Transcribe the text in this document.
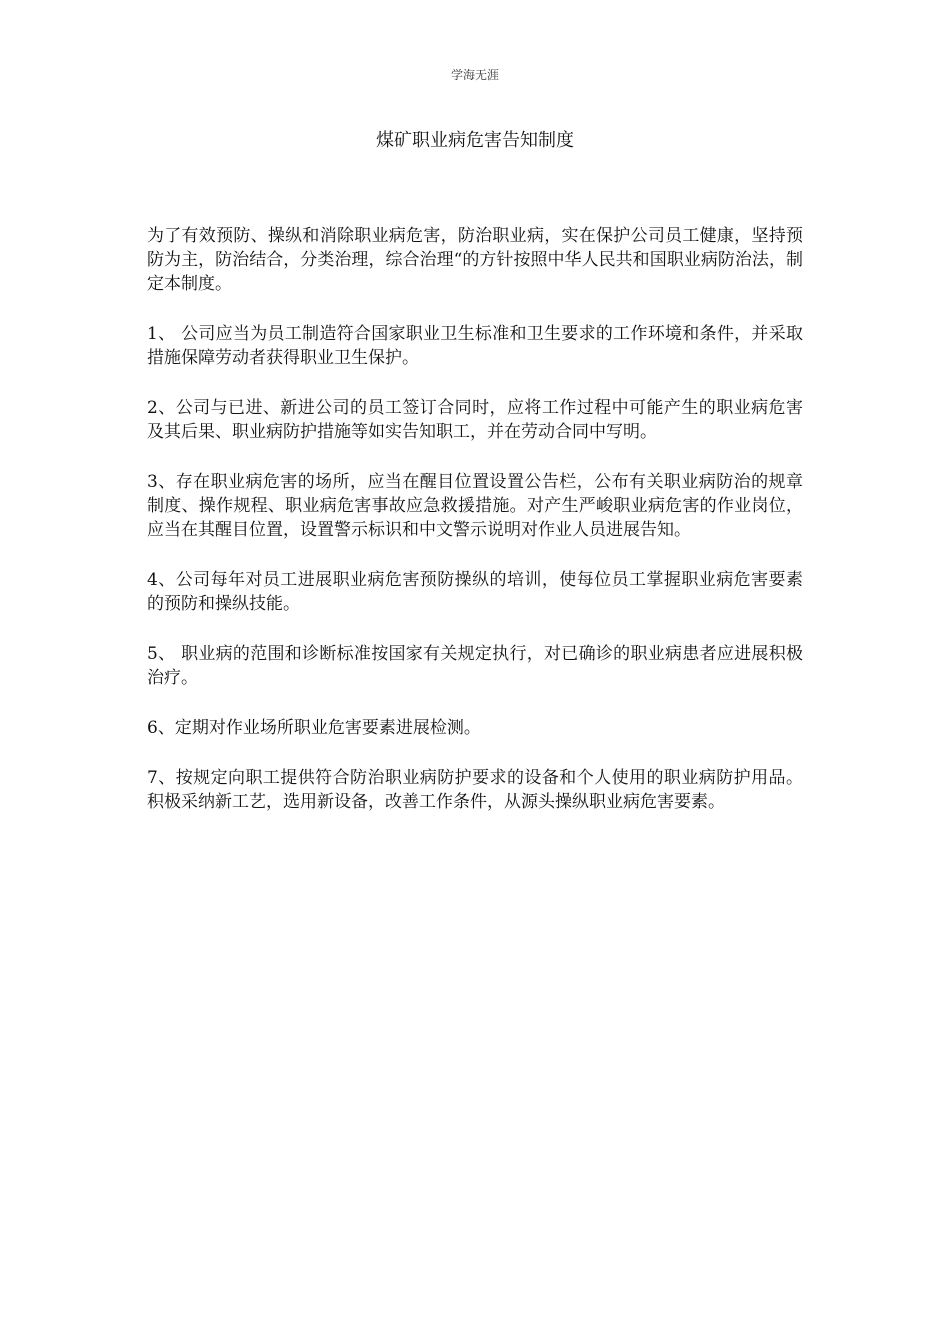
学海无涯
煤矿职业病危害告知制度

为了有效预防、操纵和消除职业病危害，防治职业病，实在保护公司员工健康，坚持预防为主，防治结合，分类治理，综合治理“的方针按照中华人民共和国职业病防治法，制定本制度。

1、 公司应当为员工制造符合国家职业卫生标准和卫生要求的工作环境和条件，并采取措施保障劳动者获得职业卫生保护。

2、公司与已进、新进公司的员工签订合同时，应将工作过程中可能产生的职业病危害及其后果、职业病防护措施等如实告知职工，并在劳动合同中写明。

3、存在职业病危害的场所，应当在醒目位置设置公告栏，公布有关职业病防治的规章制度、操作规程、职业病危害事故应急救援措施。对产生严峻职业病危害的作业岗位，应当在其醒目位置，设置警示标识和中文警示说明对作业人员进展告知。

4、公司每年对员工进展职业病危害预防操纵的培训，使每位员工掌握职业病危害要素的预防和操纵技能。

5、 职业病的范围和诊断标准按国家有关规定执行，对已确诊的职业病患者应进展积极治疗。

6、定期对作业场所职业危害要素进展检测。

7、按规定向职工提供符合防治职业病防护要求的设备和个人使用的职业病防护用品。积极采纳新工艺，选用新设备，改善工作条件，从源头操纵职业病危害要素。
